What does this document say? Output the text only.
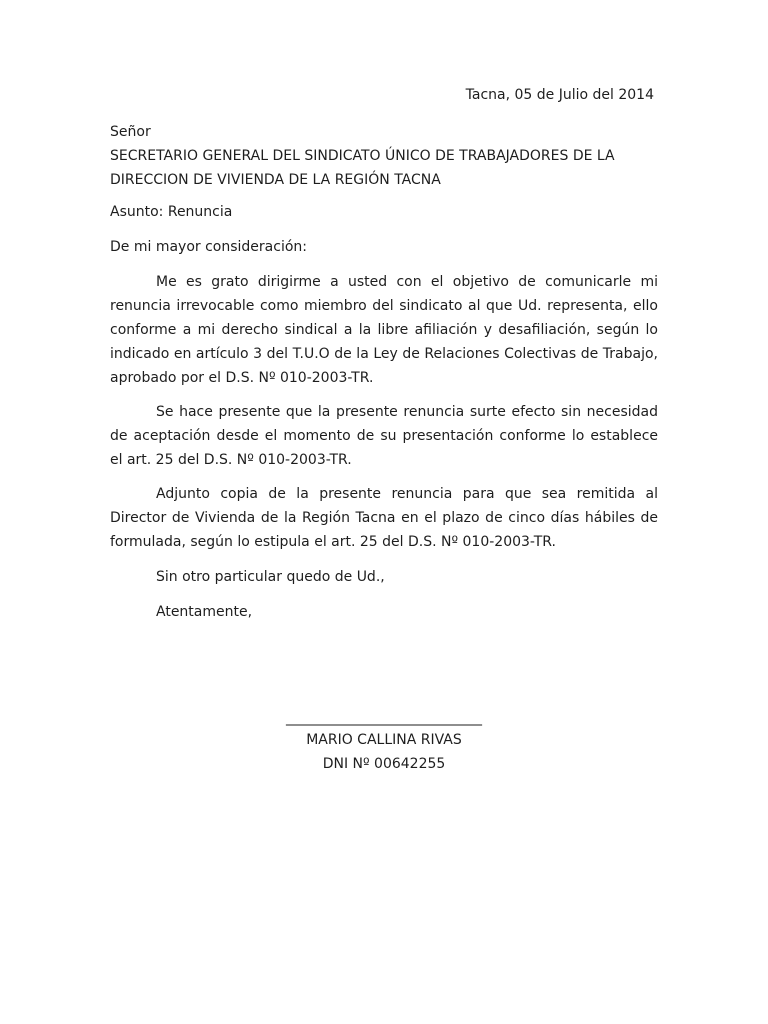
Tacna, 05 de Julio del 2014
Señor
SECRETARIO GENERAL DEL SINDICATO ÚNICO DE TRABAJADORES DE LA
DIRECCION DE VIVIENDA DE LA REGIÓN TACNA
Asunto: Renuncia
De mi mayor consideración:

Me es grato dirigirme a usted con el objetivo de comunicarle mi renuncia irrevocable como miembro del sindicato al que Ud. representa, ello conforme a mi derecho sindical a la libre afiliación y desafiliación, según lo indicado en artículo 3 del T.U.O de la Ley de Relaciones Colectivas de Trabajo, aprobado por el D.S. Nº 010-2003-TR.

Se hace presente que la presente renuncia surte efecto sin necesidad de aceptación desde el momento de su presentación conforme lo establece el art. 25 del D.S. Nº 010-2003-TR.

Adjunto copia de la presente renuncia para que sea remitida al Director de Vivienda de la Región Tacna en el plazo de cinco días hábiles de formulada, según lo estipula el art. 25 del D.S. Nº 010-2003-TR.

Sin otro particular quedo de Ud.,
Atentamente,
____________________________
MARIO CALLINA RIVAS
DNI Nº 00642255
